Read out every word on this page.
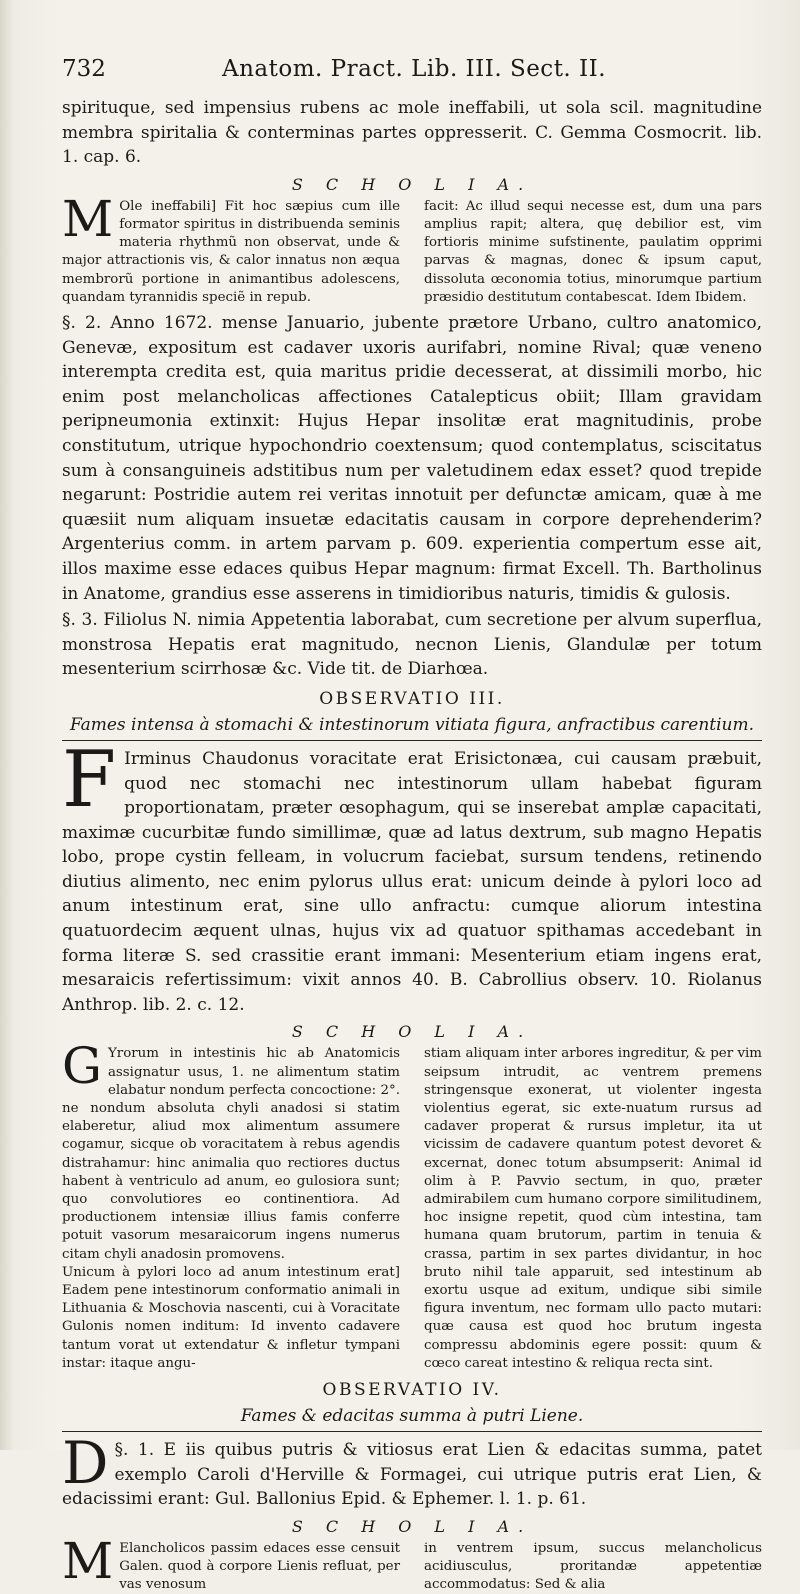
732	Anatom. Pract. Lib. III. Sect. II.

spirituque, sed impensius rubens ac mole ineffabili, ut sola scil. magnitudine membra spiritalia & conterminas partes oppresserit. C. Gemma Cosmocrit. lib. 1. cap. 6.

S C H O L I A.
M Ole ineffabili] Fit hoc sæpius cum ille formator spiritus in distribuenda seminis materia rhythmũ non observat, unde & major attractionis vis, & calor innatus non æqua membrorũ portione in animantibus adolescens, quandam tyrannidis speciẽ in repub.
facit: Ac illud sequi necesse est, dum una pars amplius rapit; altera, quę debilior est, vim fortioris minime sufstinente, paulatim opprimi parvas & magnas, donec & ipsum caput, dissoluta œconomia totius, minorumque partium præsidio destitutum contabescat. Idem Ibidem.

§. 2. Anno 1672. mense Januario, jubente prætore Urbano, cultro anatomico, Genevæ, expositum est cadaver uxoris aurifabri, nomine Rival; quæ veneno interempta credita est, quia maritus pridie decesserat, at dissimili morbo, hic enim post melancholicas affectiones Catalepticus obiit; Illam gravidam peripneumonia extinxit: Hujus Hepar insolitæ erat magnitudinis, probe constitutum, utrique hypochondrio coextensum; quod contemplatus, sciscitatus sum à consanguineis adstitibus num per valetudinem edax esset? quod trepide negarunt: Postridie autem rei veritas innotuit per defunctæ amicam, quæ à me quæsiit num aliquam insuetæ edacitatis causam in corpore deprehenderim? Argenterius comm. in artem parvam p. 609. experientia compertum esse ait, illos maxime esse edaces quibus Hepar magnum: firmat Excell. Th. Bartholinus in Anatome, grandius esse asserens in timidioribus naturis, timidis & gulosis.

§. 3. Filiolus N. nimia Appetentia laborabat, cum secretione per alvum superflua, monstrosa Hepatis erat magnitudo, necnon Lienis, Glandulæ per totum mesenterium scirrhosæ &c. Vide tit. de Diarhœa.

OBSERVATIO III.
Fames intensa à stomachi & intestinorum vitiata figura, anfractibus carentium.

F Irminus Chaudonus voracitate erat Erisictonæa, cui causam præbuit, quod nec stomachi nec intestinorum ullam habebat figuram proportionatam, præter œsophagum, qui se inserebat amplæ capacitati, maximæ cucurbitæ fundo simillimæ, quæ ad latus dextrum, sub magno Hepatis lobo, prope cystin felleam, in volucrum faciebat, sursum tendens, retinendo diutius alimento, nec enim pylorus ullus erat: unicum deinde à pylori loco ad anum intestinum erat, sine ullo anfractu: cumque aliorum intestina quatuordecim æquent ulnas, hujus vix ad quatuor spithamas accedebant in forma literæ S. sed crassitie erant immani: Mesenterium etiam ingens erat, mesaraicis refertissimum: vixit annos 40. B. Cabrollius observ. 10. Riolanus Anthrop. lib. 2. c. 12.

S C H O L I A.

G Yrorum in intestinis hic ab Anatomicis assignatur usus, 1. ne alimentum statim elabatur nondum perfecta concoctione: 2°. ne nondum absoluta chyli anadosi si statim elaberetur, aliud mox alimentum assumere cogamur, sicque ob voracitatem à rebus agendis distrahamur: hinc animalia quo rectiores ductus habent à ventriculo ad anum, eo gulosiora sunt; quo convolutiores eo continentiora. Ad productionem intensiæ illius famis conferre potuit vasorum mesaraicorum ingens numerus citam chyli anadosin promovens.

Unicum à pylori loco ad anum intestinum erat] Eadem pene intestinorum conformatio animali in Lithuania & Moschovia nascenti, cui à Voracitate Gulonis nomen inditum: Id invento cadavere tantum vorat ut extendatur & infletur tympani instar: itaque angu-

stiam aliquam inter arbores ingreditur, & per vim seipsum intrudit, ac ventrem premens stringensque exonerat, ut violenter ingesta violentius egerat, sic exte-nuatum rursus ad cadaver properat & rursus impletur, ita ut vicissim de cadavere quantum potest devoret & excernat, donec totum absumpserit: Animal id olim à P. Pavvio sectum, in quo, præter admirabilem cum humano corpore similitudinem, hoc insigne repetit, quod cùm intestina, tam humana quam brutorum, partim in tenuia & crassa, partim in sex partes dividantur, in hoc bruto nihil tale apparuit, sed intestinum ab exortu usque ad exitum, undique sibi simile figura inventum, nec formam ullo pacto mutari: quæ causa est quod hoc brutum ingesta compressu abdominis egere possit: quum & cœco careat intestino & reliqua recta sint.
OBSERVATIO IV.
Fames & edacitas summa à putri Liene.

§. 1.
D	E iis quibus putris & vitiosus erat Lien & edacitas summa, patet exemplo Caroli d'Herville & Formagei, cui utrique putris erat Lien, & edacissimi erant: Gul. Ballonius Epid. & Ephemer. l. 1. p. 61.

S C H O L I A.
M Elancholicos passim edaces esse censuit Galen. quod à corpore Lienis refluat, per vas venosum
in ventrem ipsum, succus melancholicus acidiusculus, proritandæ appetentiæ accommodatus: Sed & alia
